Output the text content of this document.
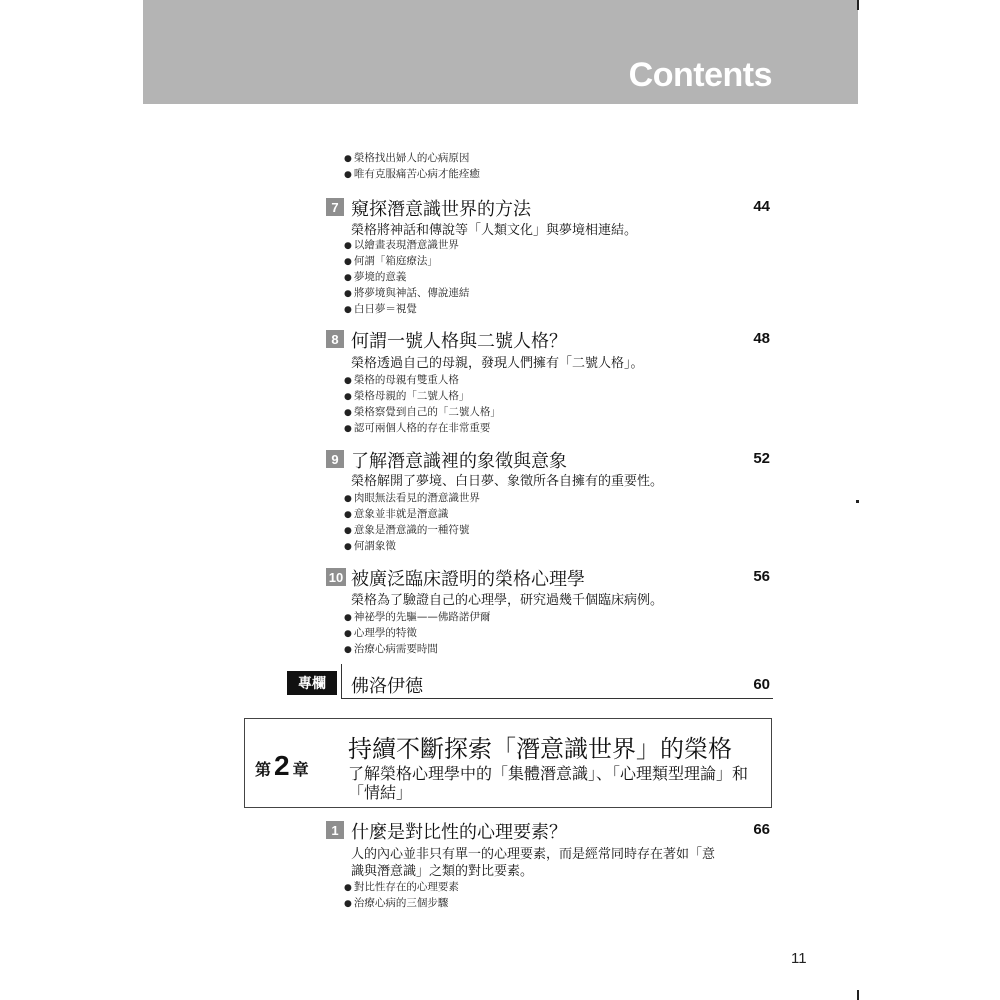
Contents
● 榮格找出婦人的心病原因
● 唯有克服痛苦心病才能痊癒
7 窺探潛意識世界的方法	44
榮格將神話和傳說等「人類文化」與夢境相連結。
● 以繪畫表現潛意識世界
● 何謂「箱庭療法」
● 夢境的意義
● 將夢境與神話、傳說連結
● 白日夢＝視覺
8 何謂一號人格與二號人格？	48
榮格透過自己的母親，發現人們擁有「二號人格」。
● 榮格的母親有雙重人格
● 榮格母親的「二號人格」
● 榮格察覺到自己的「二號人格」
● 認可兩個人格的存在非常重要
9 了解潛意識裡的象徵與意象	52
榮格解開了夢境、白日夢、象徵所各自擁有的重要性。
● 肉眼無法看見的潛意識世界
● 意象並非就是潛意識
● 意象是潛意識的一種符號
● 何謂象徵
10 被廣泛臨床證明的榮格心理學	56
榮格為了驗證自己的心理學，研究過幾千個臨床病例。
● 神祕學的先驅——佛路諾伊爾
● 心理學的特徵
● 治療心病需要時間
專欄	佛洛伊德	60
第 2 章
持續不斷探索「潛意識世界」的榮格
了解榮格心理學中的「集體潛意識」、「心理類型理論」和「情結」
1 什麼是對比性的心理要素？	66
人的內心並非只有單一的心理要素，而是經常同時存在著如「意
識與潛意識」之類的對比要素。
● 對比性存在的心理要素
● 治療心病的三個步驟
11
